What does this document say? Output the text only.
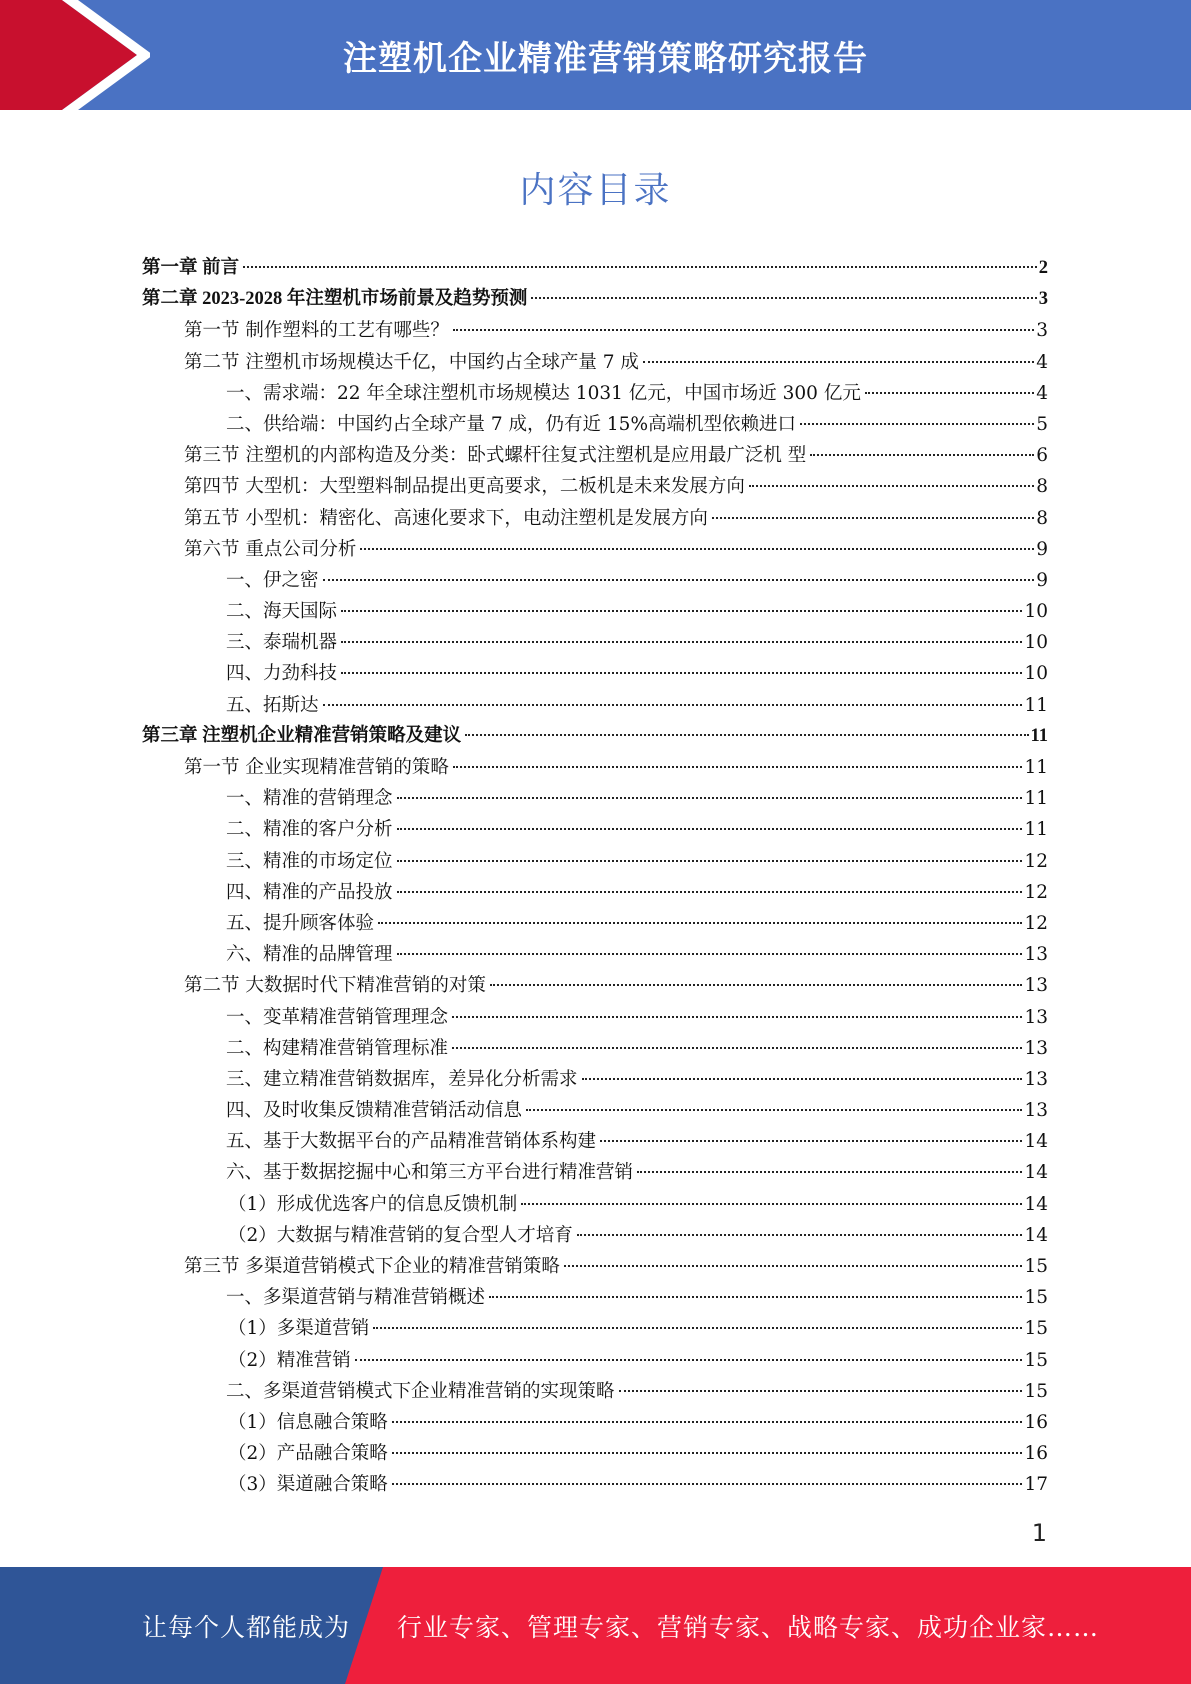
注塑机企业精准营销策略研究报告
内容目录
第一章 前言	2
第二章 2023-2028 年注塑机市场前景及趋势预测	3
第一节 制作塑料的工艺有哪些？	3
第二节 注塑机市场规模达千亿，中国约占全球产量 7 成	4
一、需求端：22 年全球注塑机市场规模达 1031 亿元，中国市场近 300 亿元	4
二、供给端：中国约占全球产量 7 成，仍有近 15%高端机型依赖进口	5
第三节 注塑机的内部构造及分类：卧式螺杆往复式注塑机是应用最广泛机 型	6
第四节 大型机：大型塑料制品提出更高要求，二板机是未来发展方向	8
第五节 小型机：精密化、高速化要求下，电动注塑机是发展方向	8
第六节 重点公司分析	9
一、伊之密	9
二、海天国际	10
三、泰瑞机器	10
四、力劲科技	10
五、拓斯达	11
第三章 注塑机企业精准营销策略及建议	11
第一节 企业实现精准营销的策略	11
一、精准的营销理念	11
二、精准的客户分析	11
三、精准的市场定位	12
四、精准的产品投放	12
五、提升顾客体验	12
六、精准的品牌管理	13
第二节 大数据时代下精准营销的对策	13
一、变革精准营销管理理念	13
二、构建精准营销管理标准	13
三、建立精准营销数据库，差异化分析需求	13
四、及时收集反馈精准营销活动信息	13
五、基于大数据平台的产品精准营销体系构建	14
六、基于数据挖掘中心和第三方平台进行精准营销	14
（1）形成优选客户的信息反馈机制	14
（2）大数据与精准营销的复合型人才培育	14
第三节 多渠道营销模式下企业的精准营销策略	15
一、多渠道营销与精准营销概述	15
（1）多渠道营销	15
（2）精准营销	15
二、多渠道营销模式下企业精准营销的实现策略	15
（1）信息融合策略	16
（2）产品融合策略	16
（3）渠道融合策略	17
1
让每个人都能成为 行业专家、管理专家、营销专家、战略专家、成功企业家……
